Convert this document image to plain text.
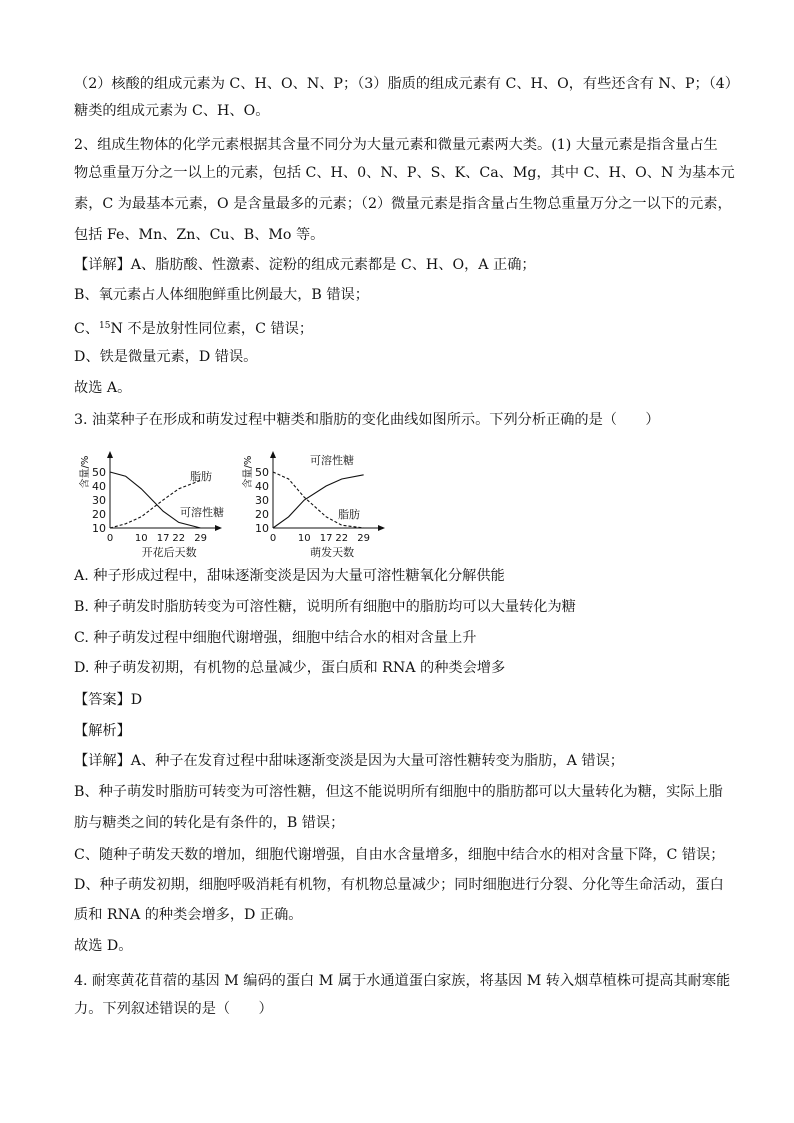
（2）核酸的组成元素为 C、H、O、N、P；（3）脂质的组成元素有 C、H、O，有些还含有 N、P；（4）
糖类的组成元素为 C、H、O。
2、组成生物体的化学元素根据其含量不同分为大量元素和微量元素两大类。(1) 大量元素是指含量占生
物总重量万分之一以上的元素，包括 C、H、0、N、P、S、K、Ca、Mg，其中 C、H、O、N 为基本元
素，C 为最基本元素，O 是含量最多的元素；（2）微量元素是指含量占生物总重量万分之一以下的元素，
包括 Fe、Mn、Zn、Cu、B、Mo 等。
【详解】A、脂肪酸、性激素、淀粉的组成元素都是 C、H、O，A 正确；
B、氧元素占人体细胞鲜重比例最大，B 错误；
C、$^{15}$N 不是放射性同位素，C 错误；
D、铁是微量元素，D 错误。
故选 A。
3. 油菜种子在形成和萌发过程中糖类和脂肪的变化曲线如图所示。下列分析正确的是（　　）
A. 种子形成过程中，甜味逐渐变淡是因为大量可溶性糖氧化分解供能
B. 种子萌发时脂肪转变为可溶性糖，说明所有细胞中的脂肪均可以大量转化为糖
C. 种子萌发过程中细胞代谢增强，细胞中结合水的相对含量上升
D. 种子萌发初期，有机物的总量减少，蛋白质和 RNA 的种类会增多
【答案】D
【解析】
【详解】A、种子在发育过程中甜味逐渐变淡是因为大量可溶性糖转变为脂肪，A 错误；
B、种子萌发时脂肪可转变为可溶性糖，但这不能说明所有细胞中的脂肪都可以大量转化为糖，实际上脂
肪与糖类之间的转化是有条件的，B 错误；
C、随种子萌发天数的增加，细胞代谢增强，自由水含量增多，细胞中结合水的相对含量下降，C 错误；
D、种子萌发初期，细胞呼吸消耗有机物，有机物总量减少；同时细胞进行分裂、分化等生命活动，蛋白
质和 RNA 的种类会增多，D 正确。
故选 D。
4. 耐寒黄花苜蓿的基因 M 编码的蛋白 M 属于水通道蛋白家族，将基因 M 转入烟草植株可提高其耐寒能
力。下列叙述错误的是（　　）
含量/%
10
20
30
40
50
0 10 17 22 29
开花后天数
脂肪
可溶性糖
含量/%
10
20
30
40
50
0 10 17 22 29
萌发天数
可溶性糖
脂肪
